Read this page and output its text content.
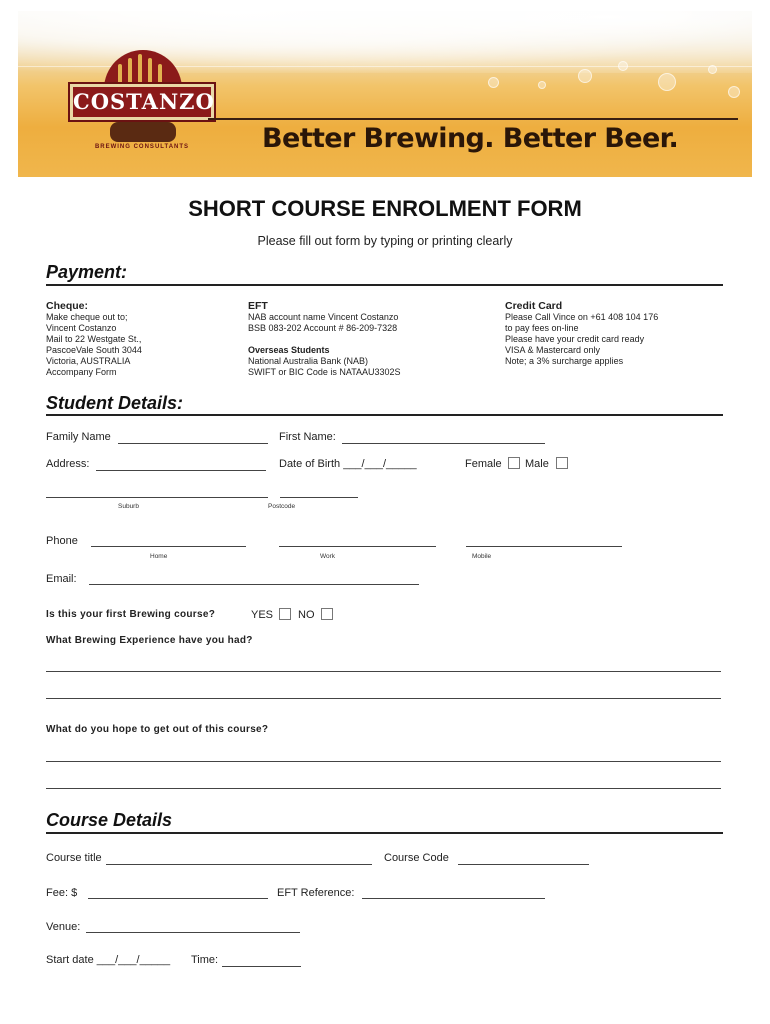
COSTANZO
BREWING CONSULTANTS	Better Brewing. Better Beer.
SHORT COURSE ENROLMENT FORM
Please fill out form by typing or printing clearly
Payment:
Cheque:
Make cheque out to;
Vincent Costanzo
Mail to 22 Westgate St.,
PascoeVale South 3044
Victoria, AUSTRALIA
Accompany Form
EFT
NAB account name Vincent Costanzo
BSB 083-202 Account # 86-209-7328

Overseas Students
National Australia Bank (NAB)
SWIFT or BIC Code is NATAAU3302S
Credit Card
Please Call Vince on +61 408 104 176
to pay fees on-line
Please have your credit card ready
VISA & Mastercard only
Note; a 3% surcharge applies
Student Details:
Family Name	First Name:
Address:	Date of Birth ___/___/_____	Female Male
Suburb	Postcode
Phone
Home	Work	Mobile
Email:
Is this your first Brewing course?	YES NO
What Brewing Experience have you had?
What do you hope to get out of this course?
Course Details
Course title	Course Code
Fee: $	EFT Reference:
Venue:
Start date ___/___/_____ Time:
